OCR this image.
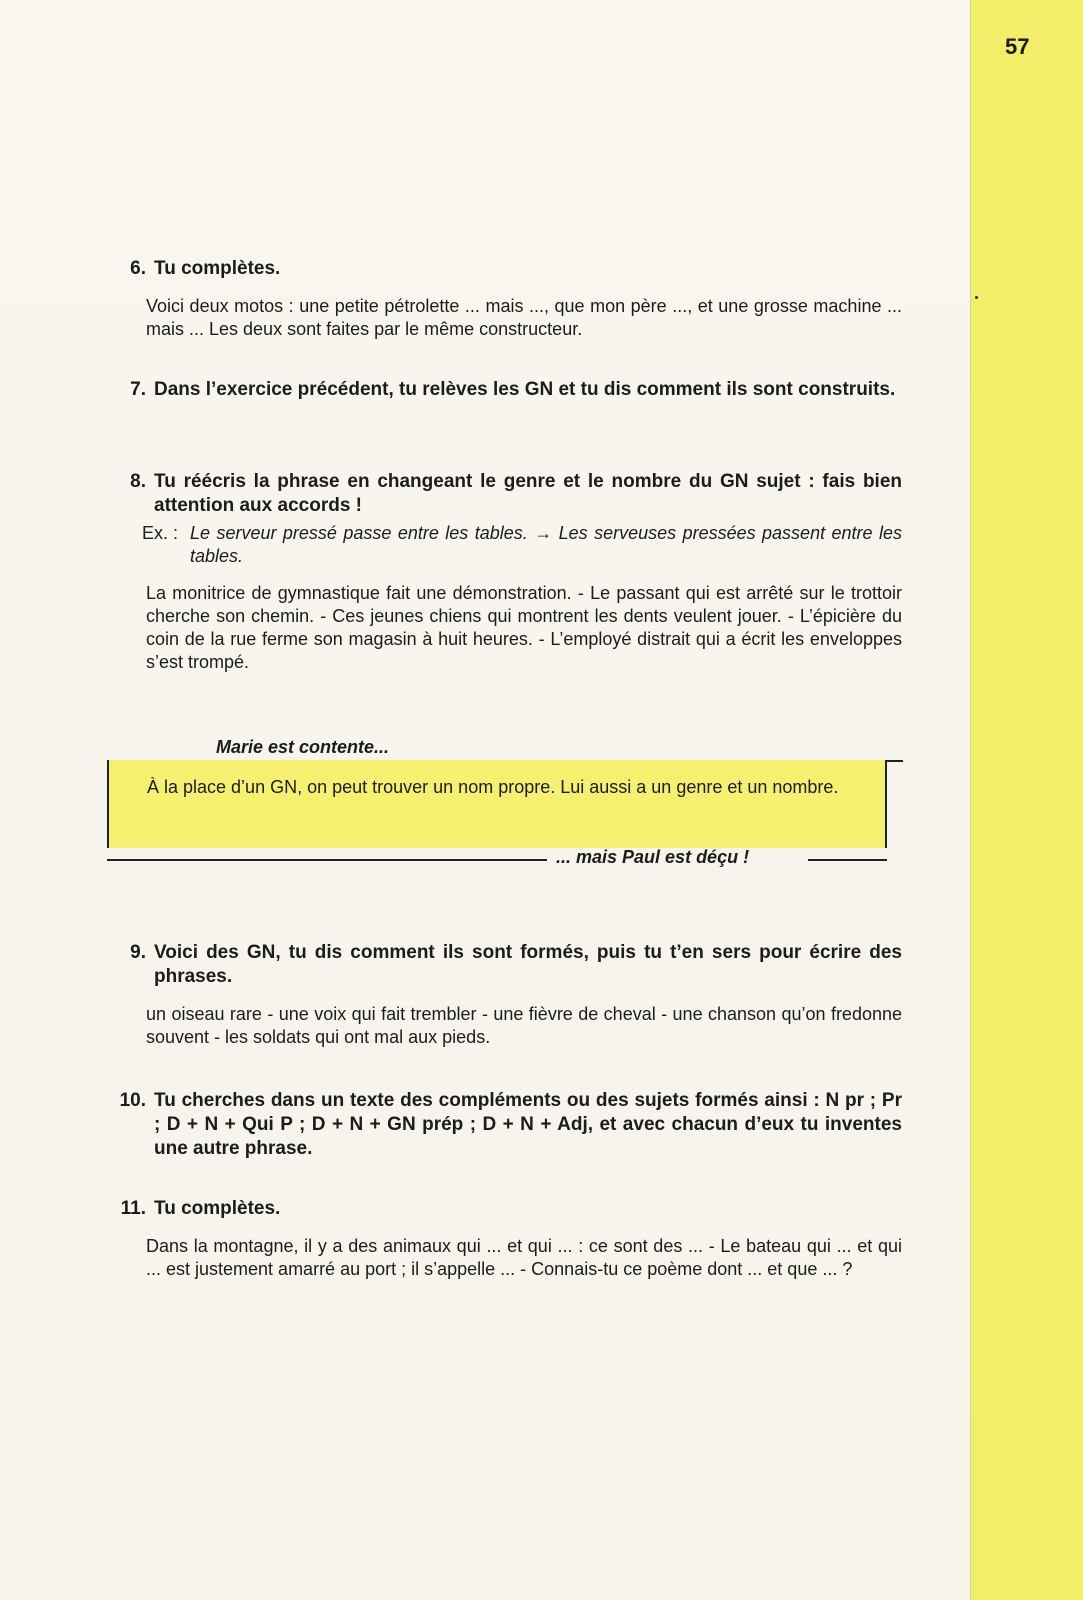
57
6. Tu complètes.
Voici deux motos : une petite pétrolette ... mais ..., que mon père ..., et une grosse machine ... mais ... Les deux sont faites par le même constructeur.
7. Dans l’exercice précédent, tu relèves les GN et tu dis comment ils sont construits.
8. Tu réécris la phrase en changeant le genre et le nombre du GN sujet : fais bien attention aux accords !
Ex. : Le serveur pressé passe entre les tables. → Les serveuses pressées passent entre les tables.
La monitrice de gymnastique fait une démonstration. - Le passant qui est arrêté sur le trottoir cherche son chemin. - Ces jeunes chiens qui montrent les dents veulent jouer. - L’épicière du coin de la rue ferme son magasin à huit heures. - L’employé distrait qui a écrit les enveloppes s’est trompé.
Marie est contente...
À la place d’un GN, on peut trouver un nom propre. Lui aussi a un genre et un nombre.
... mais Paul est déçu !
9. Voici des GN, tu dis comment ils sont formés, puis tu t’en sers pour écrire des phrases.
un oiseau rare - une voix qui fait trembler - une fièvre de cheval - une chanson qu’on fredonne souvent - les soldats qui ont mal aux pieds.
10. Tu cherches dans un texte des compléments ou des sujets formés ainsi : N pr ; Pr ; D + N + Qui P ; D + N + GN prép ; D + N + Adj, et avec chacun d’eux tu inventes une autre phrase.
11. Tu complètes.
Dans la montagne, il y a des animaux qui ... et qui ... : ce sont des ... - Le bateau qui ... et qui ... est justement amarré au port ; il s’appelle ... - Connais-tu ce poème dont ... et que ... ?
